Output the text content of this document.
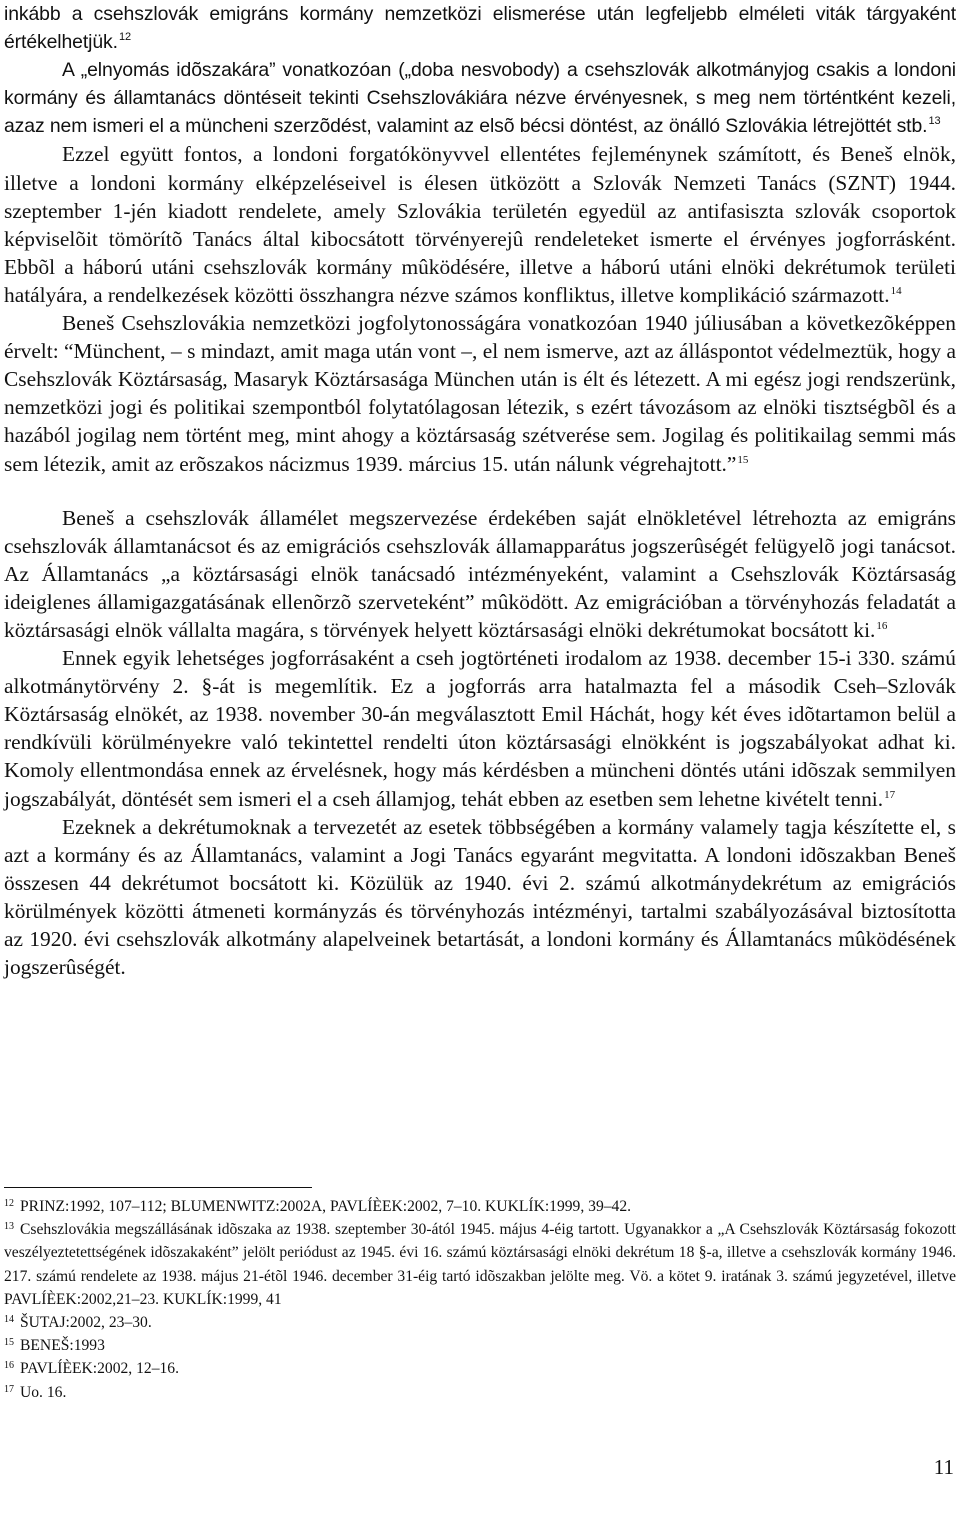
inkább a csehszlovák emigráns kormány nemzetközi elismerése után legfeljebb elméleti viták tárgyaként értékelhetjük.$^{12}$

A „elnyomás idõszakára” vonatkozóan („doba nesvobody) a csehszlovák alkotmányjog csakis a londoni kormány és államtanács döntéseit tekinti Csehszlovákiára nézve érvényesnek, s meg nem történtként kezeli, azaz nem ismeri el a müncheni szerzõdést, valamint az elsõ bécsi döntést, az önálló Szlovákia létrejöttét stb.$^{13}$

Ezzel együtt fontos, a londoni forgatókönyvvel ellentétes fejleménynek számított, és Beneš elnök, illetve a londoni kormány elképzeléseivel is élesen ütközött a Szlovák Nemzeti Tanács (SZNT) 1944. szeptember 1-jén kiadott rendelete, amely Szlovákia területén egyedül az antifasiszta szlovák csoportok képviselõit tömörítõ Tanács által kibocsátott törvényerejû rendeleteket ismerte el érvényes jogforrásként. Ebbõl a háború utáni csehszlovák kormány mûködésére, illetve a háború utáni elnöki dekrétumok területi hatályára, a rendelkezések közötti összhangra nézve számos konfliktus, illetve komplikáció származott.$^{14}$

Beneš Csehszlovákia nemzetközi jogfolytonosságára vonatkozóan 1940 júliusában a következõképpen érvelt: “Münchent, – s mindazt, amit maga után vont –, el nem ismerve, azt az álláspontot védelmeztük, hogy a Csehszlovák Köztársaság, Masaryk Köztársasága München után is élt és létezett. A mi egész jogi rendszerünk, nemzetközi jogi és politikai szempontból folytatólagosan létezik, s ezért távozásom az elnöki tisztségbõl és a hazából jogilag nem történt meg, mint ahogy a köztársaság szétverése sem. Jogilag és politikailag semmi más sem létezik, amit az erõszakos nácizmus 1939. március 15. után nálunk végrehajtott.”$^{15}$

Beneš a csehszlovák államélet megszervezése érdekében saját elnökletével létrehozta az emigráns csehszlovák államtanácsot és az emigrációs csehszlovák államapparátus jogszerûségét felügyelõ jogi tanácsot. Az Államtanács „a köztársasági elnök tanácsadó intézményeként, valamint a Csehszlovák Köztársaság ideiglenes államigazgatásának ellenõrzõ szerveteként” mûködött. Az emigrációban a törvényhozás feladatát a köztársasági elnök vállalta magára, s törvények helyett köztársasági elnöki dekrétumokat bocsátott ki.$^{16}$

Ennek egyik lehetséges jogforrásaként a cseh jogtörténeti irodalom az 1938. december 15-i 330. számú alkotmánytörvény 2. §-át is megemlítik. Ez a jogforrás arra hatalmazta fel a második Cseh–Szlovák Köztársaság elnökét, az 1938. november 30-án megválasztott Emil Háchát, hogy két éves idõtartamon belül a rendkívüli körülményekre való tekintettel rendelti úton köztársasági elnökként is jogszabályokat adhat ki. Komoly ellentmondása ennek az érvelésnek, hogy más kérdésben a müncheni döntés utáni idõszak semmilyen jogszabályát, döntését sem ismeri el a cseh államjog, tehát ebben az esetben sem lehetne kivételt tenni.$^{17}$

Ezeknek a dekrétumoknak a tervezetét az esetek többségében a kormány valamely tagja készítette el, s azt a kormány és az Államtanács, valamint a Jogi Tanács egyaránt megvitatta. A londoni idõszakban Beneš összesen 44 dekrétumot bocsátott ki. Közülük az 1940. évi 2. számú alkotmánydekrétum az emigrációs körülmények közötti átmeneti kormányzás és törvényhozás intézményi, tartalmi szabályozásával biztosította az 1920. évi csehszlovák alkotmány alapelveinek betartását, a londoni kormány és Államtanács mûködésének jogszerûségét.

12 PRINZ:1992, 107–112; BLUMENWITZ:2002A, PAVLÍÈEK:2002, 7–10. KUKLÍK:1999, 39–42.

13 Csehszlovákia megszállásának idõszaka az 1938. szeptember 30-ától 1945. május 4-éig tartott. Ugyanakkor a „A Csehszlovák Köztársaság fokozott veszélyeztetettségének idõszakaként” jelölt periódust az 1945. évi 16. számú köztársasági elnöki dekrétum 18 §-a, illetve a csehszlovák kormány 1946. 217. számú rendelete az 1938. május 21-étõl 1946. december 31-éig tartó idõszakban jelölte meg. Vö. a kötet 9. iratának 3. számú jegyzetével, illetve PAVLÍÈEK:2002,21–23. KUKLÍK:1999, 41

14 ŠUTAJ:2002, 23–30.

15 BENEŠ:1993

16 PAVLÍÈEK:2002, 12–16.

17 Uo. 16.

11
